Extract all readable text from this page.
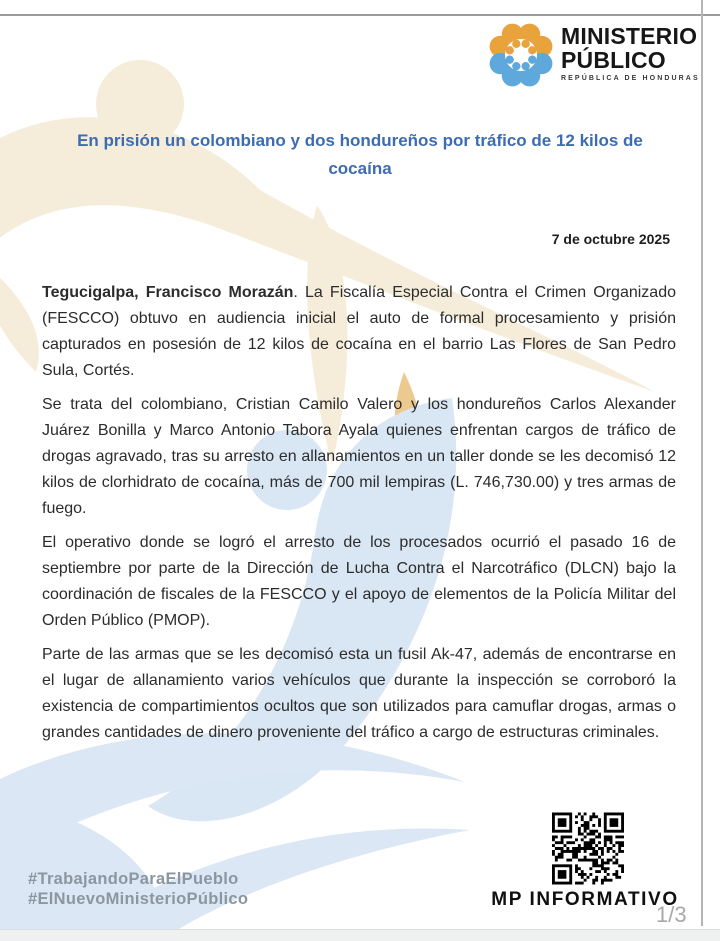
MINISTERIO
PÚBLICO
REPÚBLICA DE HONDURAS
En prisión un colombiano y dos hondureños por tráfico de 12 kilos de cocaína
7 de octubre 2025

Tegucigalpa, Francisco Morazán. La Fiscalía Especial Contra el Crimen Organizado (FESCCO) obtuvo en audiencia inicial el auto de formal procesamiento y prisión capturados en posesión de 12 kilos de cocaína en el barrio Las Flores de San Pedro Sula, Cortés.

Se trata del colombiano, Cristian Camilo Valero y los hondureños Carlos Alexander Juárez Bonilla y Marco Antonio Tabora Ayala quienes enfrentan cargos de tráfico de drogas agravado, tras su arresto en allanamientos en un taller donde se les decomisó 12 kilos de clorhidrato de cocaína, más de 700 mil lempiras (L. 746,730.00) y tres armas de fuego.

El operativo donde se logró el arresto de los procesados ocurrió el pasado 16 de septiembre por parte de la Dirección de Lucha Contra el Narcotráfico (DLCN) bajo la coordinación de fiscales de la FESCCO y el apoyo de elementos de la Policía Militar del Orden Público (PMOP).

Parte de las armas que se les decomisó esta un fusil Ak-47, además de encontrarse en el lugar de allanamiento varios vehículos que durante la inspección se corroboró la existencia de compartimientos ocultos que son utilizados para camuflar drogas, armas o grandes cantidades de dinero proveniente del tráfico a cargo de estructuras criminales.

#TrabajandoParaElPueblo
#ElNuevoMinisterioPúblico	MP INFORMATIVO
1/3
